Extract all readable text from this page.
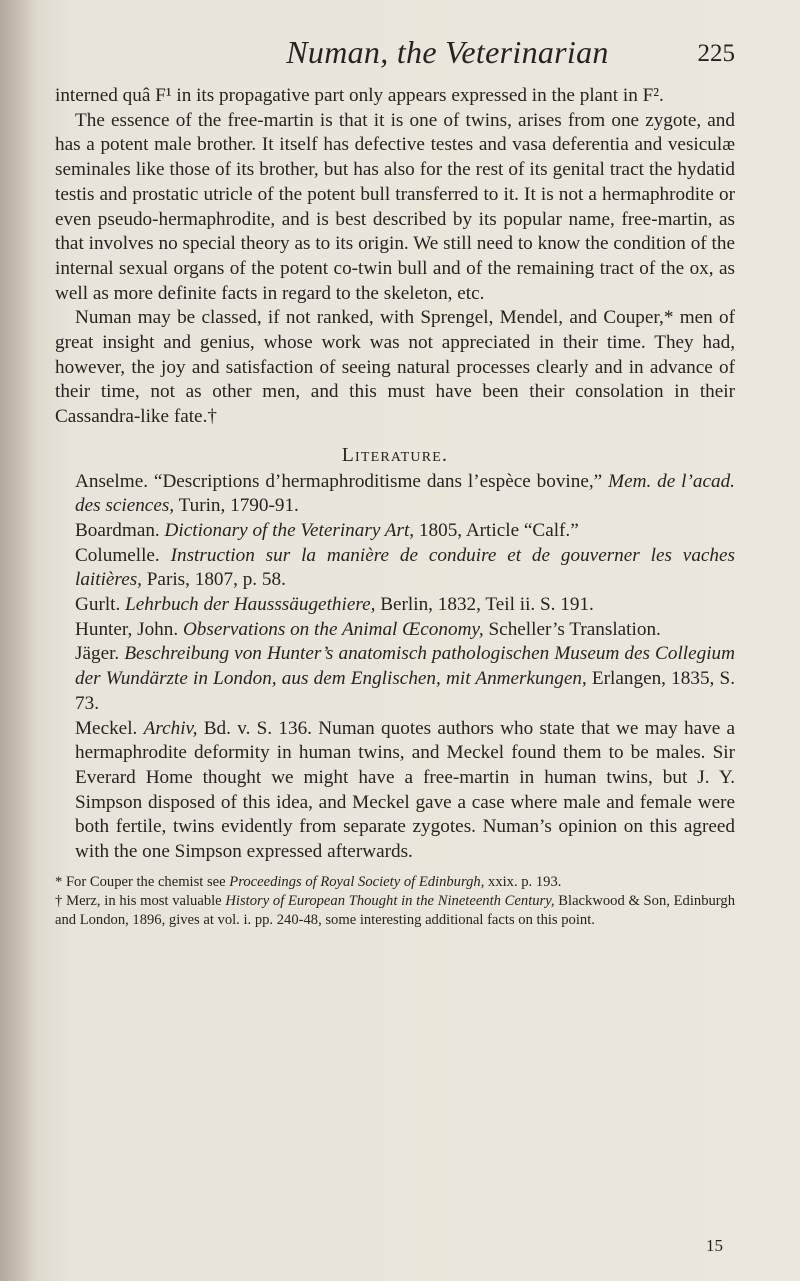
Numan, the Veterinarian	225

interned quâ F¹ in its propagative part only appears expressed in the plant in F².

The essence of the free-martin is that it is one of twins, arises from one zygote, and has a potent male brother. It itself has defective testes and vasa deferentia and vesiculæ seminales like those of its brother, but has also for the rest of its genital tract the hydatid testis and prostatic utricle of the potent bull transferred to it. It is not a hermaphrodite or even pseudo-hermaphrodite, and is best described by its popular name, free-martin, as that involves no special theory as to its origin. We still need to know the condition of the internal sexual organs of the potent co-twin bull and of the remaining tract of the ox, as well as more definite facts in regard to the skeleton, etc.

Numan may be classed, if not ranked, with Sprengel, Mendel, and Couper,* men of great insight and genius, whose work was not appreciated in their time. They had, however, the joy and satisfaction of seeing natural processes clearly and in advance of their time, not as other men, and this must have been their consolation in their Cassandra-like fate.†

Literature.

Anselme. “Descriptions d’hermaphroditisme dans l’espèce bovine,” Mem. de l’acad. des sciences, Turin, 1790-91.

Boardman. Dictionary of the Veterinary Art, 1805, Article “Calf.”

Columelle. Instruction sur la manière de conduire et de gouverner les vaches laitières, Paris, 1807, p. 58.

Gurlt. Lehrbuch der Hausssäugethiere, Berlin, 1832, Teil ii. S. 191.

Hunter, John. Observations on the Animal Œconomy, Scheller’s Translation.

Jäger. Beschreibung von Hunter’s anatomisch pathologischen Museum des Collegium der Wundärzte in London, aus dem Englischen, mit Anmerkungen, Erlangen, 1835, S. 73.

Meckel. Archiv, Bd. v. S. 136. Numan quotes authors who state that we may have a hermaphrodite deformity in human twins, and Meckel found them to be males. Sir Everard Home thought we might have a free-martin in human twins, but J. Y. Simpson disposed of this idea, and Meckel gave a case where male and female were both fertile, twins evidently from separate zygotes. Numan’s opinion on this agreed with the one Simpson expressed afterwards.

* For Couper the chemist see Proceedings of Royal Society of Edinburgh, xxix. p. 193.

† Merz, in his most valuable History of European Thought in the Nineteenth Century, Blackwood & Son, Edinburgh and London, 1896, gives at vol. i. pp. 240-48, some interesting additional facts on this point.

15
